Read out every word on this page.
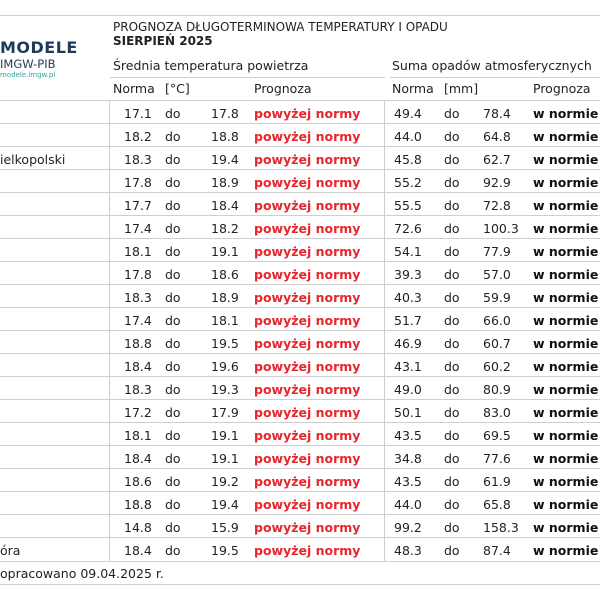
MODELE
IMGW-PIB
modele.imgw.pl
PROGNOZA DŁUGOTERMINOWA TEMPERATURY I OPADU
SIERPIEŃ 2025
Średnia temperatura powietrza	Suma opadów atmosferycznych
Norma [°C]	Prognoza	Norma [mm]	Prognoza
17.1 do 17.8 powyżej normy	49.4 do 78.4 w normie
18.2 do 18.8 powyżej normy	44.0 do 64.8 w normie
ielkopolski	18.3 do 19.4 powyżej normy	45.8 do 62.7 w normie
17.8 do 18.9 powyżej normy	55.2 do 92.9 w normie
17.7 do 18.4 powyżej normy	55.5 do 72.8 w normie
17.4 do 18.2 powyżej normy	72.6 do 100.3 w normie
18.1 do 19.1 powyżej normy	54.1 do 77.9 w normie
17.8 do 18.6 powyżej normy	39.3 do 57.0 w normie
18.3 do 18.9 powyżej normy	40.3 do 59.9 w normie
17.4 do 18.1 powyżej normy	51.7 do 66.0 w normie
18.8 do 19.5 powyżej normy	46.9 do 60.7 w normie
18.4 do 19.6 powyżej normy	43.1 do 60.2 w normie
18.3 do 19.3 powyżej normy	49.0 do 80.9 w normie
17.2 do 17.9 powyżej normy	50.1 do 83.0 w normie
18.1 do 19.1 powyżej normy	43.5 do 69.5 w normie
18.4 do 19.1 powyżej normy	34.8 do 77.6 w normie
18.6 do 19.2 powyżej normy	43.5 do 61.9 w normie
18.8 do 19.4 powyżej normy	44.0 do 65.8 w normie
14.8 do 15.9 powyżej normy	99.2 do 158.3 w normie
óra	18.4 do 19.5 powyżej normy	48.3 do 87.4 w normie
opracowano 09.04.2025 r.
